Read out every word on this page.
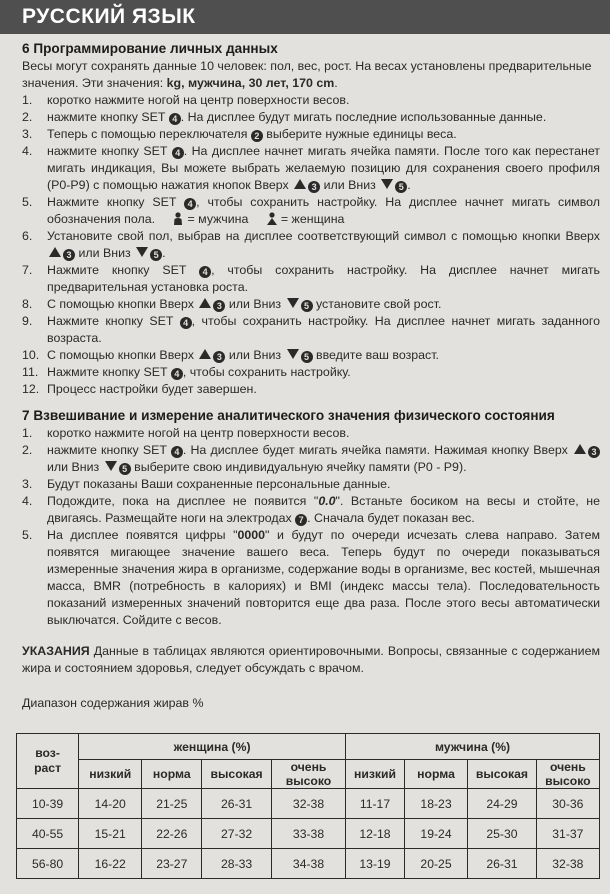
РУССКИЙ ЯЗЫК
6 Программирование личных данных
Весы могут сохранять данные 10 человек: пол, вес, рост. На весах установлены предварительные значения. Эти значения: kg, мужчина, 30 лет, 170 cm.
1.	коротко нажмите ногой на центр поверхности весов.
2.	нажмите кнопку SET 4 . На дисплее будут мигать последние использованные данные.
3.	Теперь с помощью переключателя 2 выберите нужные единицы веса.
4.	нажмите кнопку SET 4 . На дисплее начнет мигать ячейка памяти. После того как перестанет мигать индикация, Вы можете выбрать желаемую позицию для сохранения своего профиля (P0-P9) с помощью нажатия кнопок Вверх 3 или Вниз 5 .
5.	Нажмите кнопку SET 4 , чтобы сохранить настройку. На дисплее начнет мигать символ обозначения пола. = мужчина	= женщина
6.	Установите свой пол, выбрав на дисплее соответствующий символ с помощью кнопки Вверх 3 или Вниз 5 .
7.	Нажмите кнопку SET 4 , чтобы сохранить настройку. На дисплее начнет мигать предварительная установка роста.
8.	С помощью кнопки Вверх 3 или Вниз 5 установите свой рост.
9.	Нажмите кнопку SET 4 , чтобы сохранить настройку. На дисплее начнет мигать заданного возраста.
10. С помощью кнопки Вверх 3 или Вниз 5 введите ваш возраст.
11. Нажмите кнопку SET 4 , чтобы сохранить настройку.
12. Процесс настройки будет завершен.
7 Взвешивание и измерение аналитического значения физического состояния
1.	коротко нажмите ногой на центр поверхности весов.
2.	нажмите кнопку SET 4 . На дисплее будет мигать ячейка памяти. Нажимая кнопку Вверх 3 или Вниз 5 выберите свою индивидуальную ячейку памяти (P0 - P9).
3.	Будут показаны Ваши сохраненные персональные данные.
4.	Подождите, пока на дисплее не появится "0.0". Встаньте босиком на весы и стойте, не двигаясь. Размещайте ноги на электродах 7 . Сначала будет показан вес.
5.	На дисплее появятся цифры "0000" и будут по очереди исчезать слева направо. Затем появятся мигающее значение вашего веса. Теперь будут по очереди показываться измеренные значения жира в организме, содержание воды в организме, вес костей, мышечная масса, BMR (потребность в калориях) и BMI (индекс массы тела). Последовательность показаний измеренных значений повторится еще два раза. После этого весы автоматически выключатся. Сойдите с весов.
УКАЗАНИЯ Данные в таблицах являются ориентировочными. Вопросы, связанные с содержанием жира и состоянием здоровья, следует обсуждать с врачом.
Диапазон содержания жирав %
воз-раст	женщина (%)				мужчина (%)			
	низкий	норма	высокая	очень высоко	низкий	норма	высокая	очень высоко
10-39	14-20	21-25	26-31	32-38	11-17	18-23	24-29	30-36
40-55	15-21	22-26	27-32	33-38	12-18	19-24	25-30	31-37
56-80	16-22	23-27	28-33	34-38	13-19	20-25	26-31	32-38
